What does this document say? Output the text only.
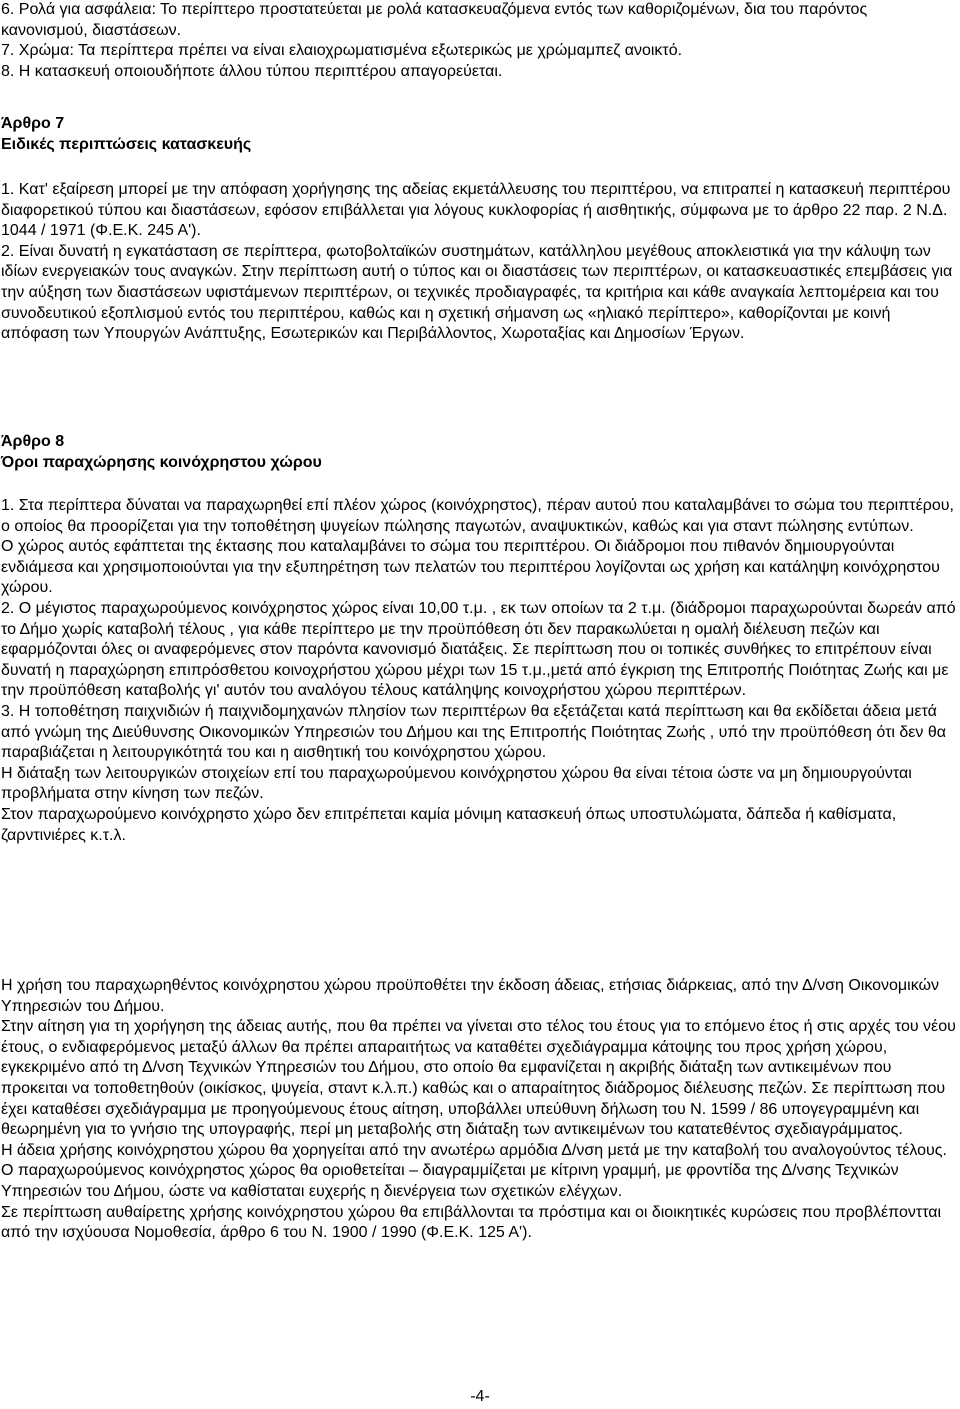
6. Ρολά για ασφάλεια: Το περίπτερο προστατεύεται με ρολά κατασκευαζόμενα εντός των καθοριζομένων, δια του παρόντος κανονισμού, διαστάσεων.

7. Χρώμα: Τα περίπτερα πρέπει να είναι ελαιοχρωματισμένα εξωτερικώς με χρώμαμπεζ ανοικτό.

8. Η κατασκευή οποιουδήποτε άλλου τύπου περιπτέρου απαγορεύεται.

Άρθρο 7

Ειδικές περιπτώσεις κατασκευής

1. Κατ' εξαίρεση μπορεί με την απόφαση χορήγησης της αδείας εκμετάλλευσης του περιπτέρου, να επιτραπεί η κατασκευή περιπτέρου διαφορετικού τύπου και διαστάσεων, εφόσον επιβάλλεται για λόγους κυκλοφορίας ή αισθητικής, σύμφωνα με το άρθρο 22 παρ. 2 Ν.Δ. 1044 / 1971 (Φ.Ε.Κ. 245 Α').

2. Είναι δυνατή η εγκατάσταση σε περίπτερα, φωτοβολταϊκών συστημάτων, κατάλληλου μεγέθους αποκλειστικά για την κάλυψη των ιδίων ενεργειακών τους αναγκών. Στην περίπτωση αυτή ο τύπος και οι διαστάσεις των περιπτέρων, οι κατασκευαστικές επεμβάσεις για την αύξηση των διαστάσεων υφιστάμενων περιπτέρων, οι τεχνικές προδιαγραφές, τα κριτήρια και κάθε αναγκαία λεπτομέρεια και του συνοδευτικού εξοπλισμού εντός του περιπτέρου, καθώς και η σχετική σήμανση ως «ηλιακό περίπτερο», καθορίζονται με κοινή απόφαση των Υπουργών Ανάπτυξης, Εσωτερικών και Περιβάλλοντος, Χωροταξίας και Δημοσίων Έργων.

Άρθρο 8

Όροι παραχώρησης κοινόχρηστου χώρου

1. Στα περίπτερα δύναται να παραχωρηθεί επί πλέον χώρος (κοινόχρηστος), πέραν αυτού που καταλαμβάνει το σώμα του περιπτέρου, ο οποίος θα προορίζεται για την τοποθέτηση ψυγείων πώλησης παγωτών, αναψυκτικών, καθώς και για σταντ πώλησης εντύπων.

Ο χώρος αυτός εφάπτεται της έκτασης που καταλαμβάνει το σώμα του περιπτέρου. Οι διάδρομοι που πιθανόν δημιουργούνται ενδιάμεσα και χρησιμοποιούνται για την εξυπηρέτηση των πελατών του περιπτέρου λογίζονται ως χρήση και κατάληψη κοινόχρηστου χώρου.

2. Ο μέγιστος παραχωρούμενος κοινόχρηστος χώρος είναι 10,00 τ.μ. , εκ των οποίων τα 2 τ.μ. (διάδρομοι παραχωρούνται δωρεάν από το Δήμο χωρίς καταβολή τέλους , για κάθε περίπτερο με την προϋπόθεση ότι δεν παρακωλύεται η ομαλή διέλευση πεζών και εφαρμόζονται όλες οι αναφερόμενες στον παρόντα κανονισμό διατάξεις. Σε περίπτωση που οι τοπικές συνθήκες το επιτρέπουν είναι δυνατή η παραχώρηση επιπρόσθετου κοινοχρήστου χώρου μέχρι των 15 τ.μ.,μετά από έγκριση της Επιτροπής Ποιότητας Ζωής και με την προϋπόθεση καταβολής γι' αυτόν του αναλόγου τέλους κατάληψης κοινοχρήστου χώρου περιπτέρων.

3. Η τοποθέτηση παιχνιδιών ή παιχνιδομηχανών πλησίον των περιπτέρων θα εξετάζεται κατά περίπτωση και θα εκδίδεται άδεια μετά από γνώμη της Διεύθυνσης Οικονομικών Υπηρεσιών του Δήμου και της Επιτροπής Ποιότητας Ζωής , υπό την προϋπόθεση ότι δεν θα παραβιάζεται η λειτουργικότητά του και η αισθητική του κοινόχρηστου χώρου.

Η διάταξη των λειτουργικών στοιχείων επί του παραχωρούμενου κοινόχρηστου χώρου θα είναι τέτοια ώστε να μη δημιουργούνται προβλήματα στην κίνηση των πεζών.

Στον παραχωρούμενο κοινόχρηστο χώρο δεν επιτρέπεται καμία μόνιμη κατασκευή όπως υποστυλώματα, δάπεδα ή καθίσματα, ζαρντινιέρες κ.τ.λ.

Η χρήση του παραχωρηθέντος κοινόχρηστου χώρου προϋποθέτει την έκδοση άδειας, ετήσιας διάρκειας, από την Δ/νση Οικονομικών Υπηρεσιών του Δήμου.

Στην αίτηση για τη χορήγηση της άδειας αυτής, που θα πρέπει να γίνεται στο τέλος του έτους για το επόμενο έτος ή στις αρχές του νέου έτους, ο ενδιαφερόμενος μεταξύ άλλων θα πρέπει απαραιτήτως να καταθέτει σχεδιάγραμμα κάτοψης του προς χρήση χώρου, εγκεκριμένο από τη Δ/νση Τεχνικών Υπηρεσιών του Δήμου, στο οποίο θα εμφανίζεται η ακριβής διάταξη των αντικειμένων που προκειται να τοποθετηθούν (οικίσκος, ψυγεία, σταντ κ.λ.π.) καθώς και ο απαραίτητος διάδρομος διέλευσης πεζών. Σε περίπτωση που έχει καταθέσει σχεδιάγραμμα με προηγούμενους έτους αίτηση, υποβάλλει υπεύθυνη δήλωση του Ν. 1599 / 86 υπογεγραμμένη και θεωρημένη για το γνήσιο της υπογραφής, περί μη μεταβολής στη διάταξη των αντικειμένων του κατατεθέντος σχεδιαγράμματος.

Η άδεια χρήσης κοινόχρηστου χώρου θα χορηγείται από την ανωτέρω αρμόδια Δ/νση μετά με την καταβολή του αναλογούντος τέλους.

Ο παραχωρούμενος κοινόχρηστος χώρος θα οριοθετείται – διαγραμμίζεται με κίτρινη γραμμή, με φροντίδα της Δ/νσης Τεχνικών Υπηρεσιών του Δήμου, ώστε να καθίσταται ευχερής η διενέργεια των σχετικών ελέγχων.

Σε περίπτωση αυθαίρετης χρήσης κοινόχρηστου χώρου θα επιβάλλονται τα πρόστιμα και οι διοικητικές κυρώσεις που προβλέποντται από την ισχύουσα Νομοθεσία, άρθρο 6 του Ν. 1900 / 1990 (Φ.Ε.Κ. 125 Α').

-4-
